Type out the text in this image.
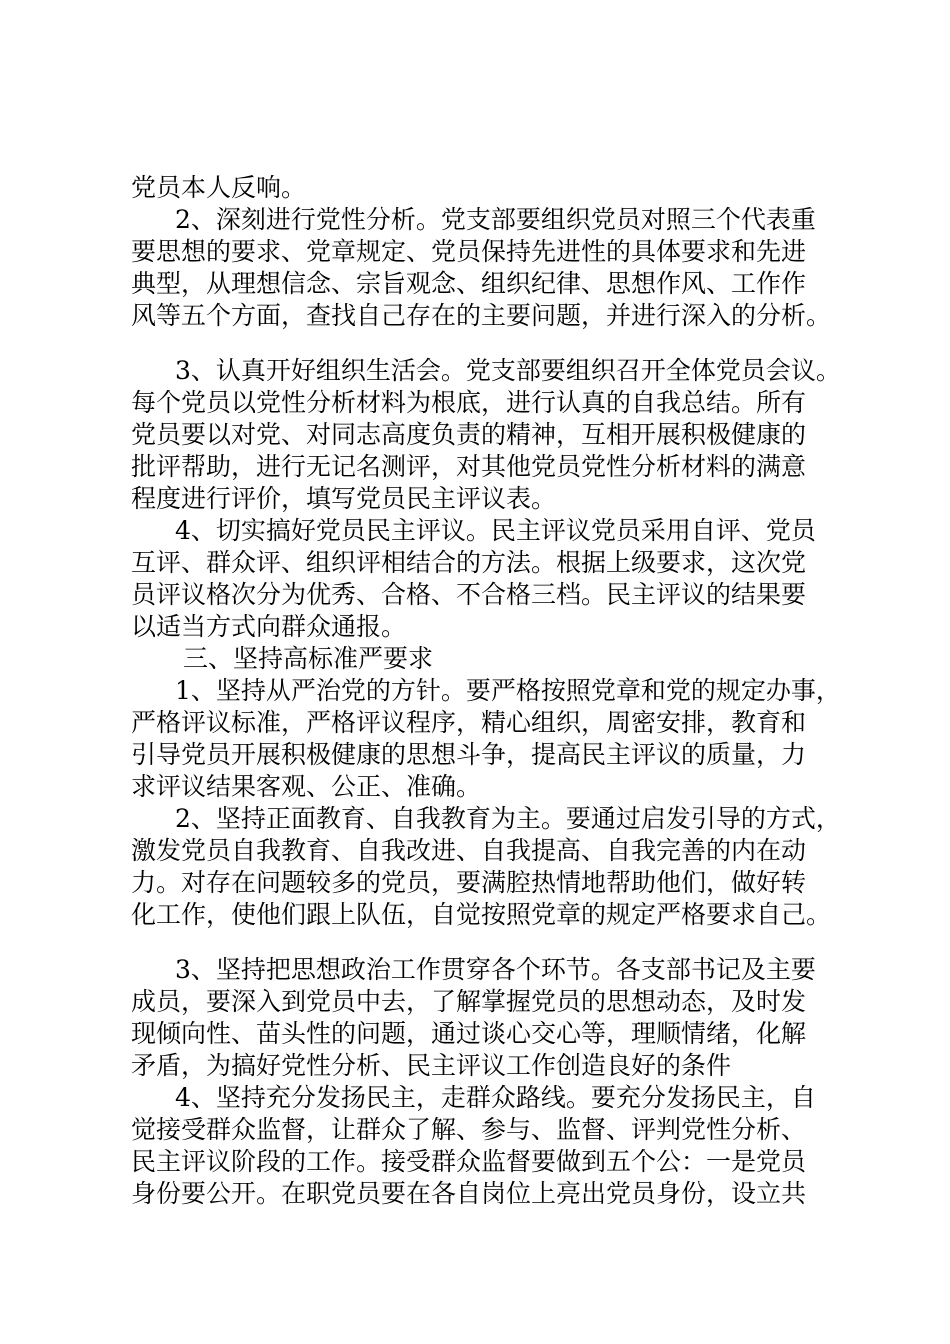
党员本人反响。
2、深刻进行党性分析。党支部要组织党员对照三个代表重
要思想的要求、党章规定、党员保持先进性的具体要求和先进
典型，从理想信念、宗旨观念、组织纪律、思想作风、工作作
风等五个方面，查找自己存在的主要问题，并进行深入的分析。
3、认真开好组织生活会。党支部要组织召开全体党员会议。
每个党员以党性分析材料为根底，进行认真的自我总结。所有
党员要以对党、对同志高度负责的精神，互相开展积极健康的
批评帮助，进行无记名测评，对其他党员党性分析材料的满意
程度进行评价，填写党员民主评议表。
4、切实搞好党员民主评议。民主评议党员采用自评、党员
互评、群众评、组织评相结合的方法。根据上级要求，这次党
员评议格次分为优秀、合格、不合格三档。民主评议的结果要
以适当方式向群众通报。
三、坚持高标准严要求
1、坚持从严治党的方针。要严格按照党章和党的规定办事，
严格评议标准，严格评议程序，精心组织，周密安排，教育和
引导党员开展积极健康的思想斗争，提高民主评议的质量，力
求评议结果客观、公正、准确。
2、坚持正面教育、自我教育为主。要通过启发引导的方式，
激发党员自我教育、自我改进、自我提高、自我完善的内在动
力。对存在问题较多的党员，要满腔热情地帮助他们，做好转
化工作，使他们跟上队伍，自觉按照党章的规定严格要求自己。
3、坚持把思想政治工作贯穿各个环节。各支部书记及主要
成员，要深入到党员中去，了解掌握党员的思想动态，及时发
现倾向性、苗头性的问题，通过谈心交心等，理顺情绪，化解
矛盾，为搞好党性分析、民主评议工作创造良好的条件
4、坚持充分发扬民主，走群众路线。要充分发扬民主，自
觉接受群众监督，让群众了解、参与、监督、评判党性分析、
民主评议阶段的工作。接受群众监督要做到五个公：一是党员
身份要公开。在职党员要在各自岗位上亮出党员身份，设立共
